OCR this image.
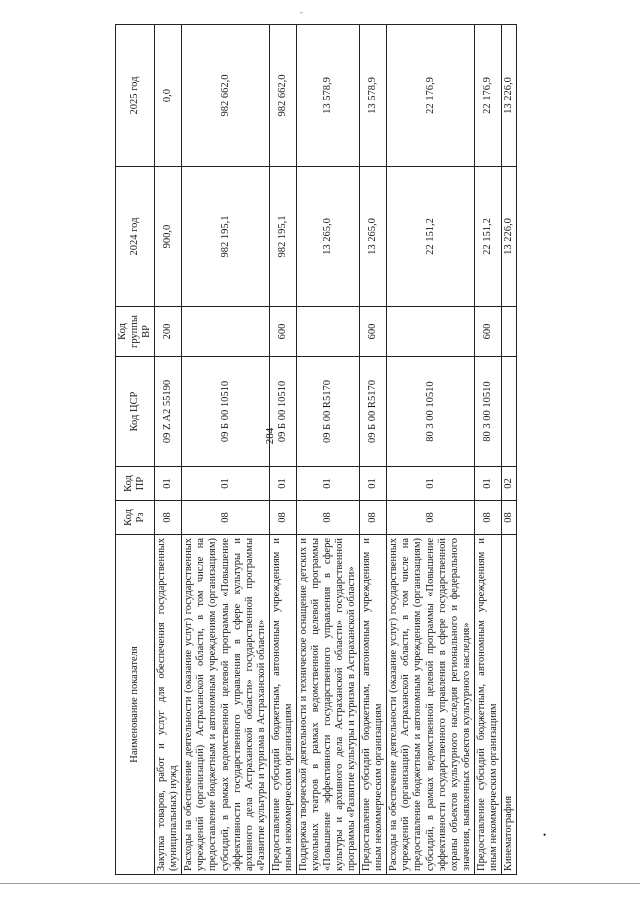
-
284
Наименование показателя	Код Рз	Код ПР	Код ЦСР	Код группы ВР	2024 год	2025 год
Закупка товаров, работ и услуг для обеспечения государственных (муниципальных) нужд	08	01	09 Z A2 55190	200	900,0	0,0
Расходы на обеспечение деятельности (оказание услуг) государственных учреждений (организаций) Астраханской области, в том числе на предоставление бюджетным и автономным учреждениям (организациям) субсидий, в рамках ведомственной целевой программы «Повышение эффективности государственного управления в сфере культуры и архивного дела Астраханской области» государственной программы «Развитие культуры и туризма в Астраханской области»	08	01	09 Б 00 10510		982 195,1	982 662,0
Предоставление субсидий бюджетным, автономным учреждениям и иным некоммерческим организациям	08	01	09 Б 00 10510	600	982 195,1	982 662,0
Поддержка творческой деятельности и техническое оснащение детских и кукольных театров в рамках ведомственной целевой программы «Повышение эффективности государственного управления в сфере культуры и архивного дела Астраханской области» государственной программы «Развитие культуры и туризма в Астраханской области»	08	01	09 Б 00 R5170		13 265,0	13 578,9
Предоставление субсидий бюджетным, автономным учреждениям и иным некоммерческим организациям	08	01	09 Б 00 R5170	600	13 265,0	13 578,9
Расходы на обеспечение деятельности (оказание услуг) государственных учреждений (организаций) Астраханской области, в том числе на предоставление бюджетным и автономным учреждениям (организациям) субсидий, в рамках ведомственной целевой программы «Повышение эффективности государственного управления в сфере государственной охраны объектов культурного наследия регионального и федерального значения, выявленных объектов культурного наследия»	08	01	80 3 00 10510		22 151,2	22 176,9
Предоставление субсидий бюджетным, автономным учреждениям и иным некоммерческим организациям	08	01	80 3 00 10510	600	22 151,2	22 176,9
Кинематография	08	02			13 226,0	13 226,0
•
